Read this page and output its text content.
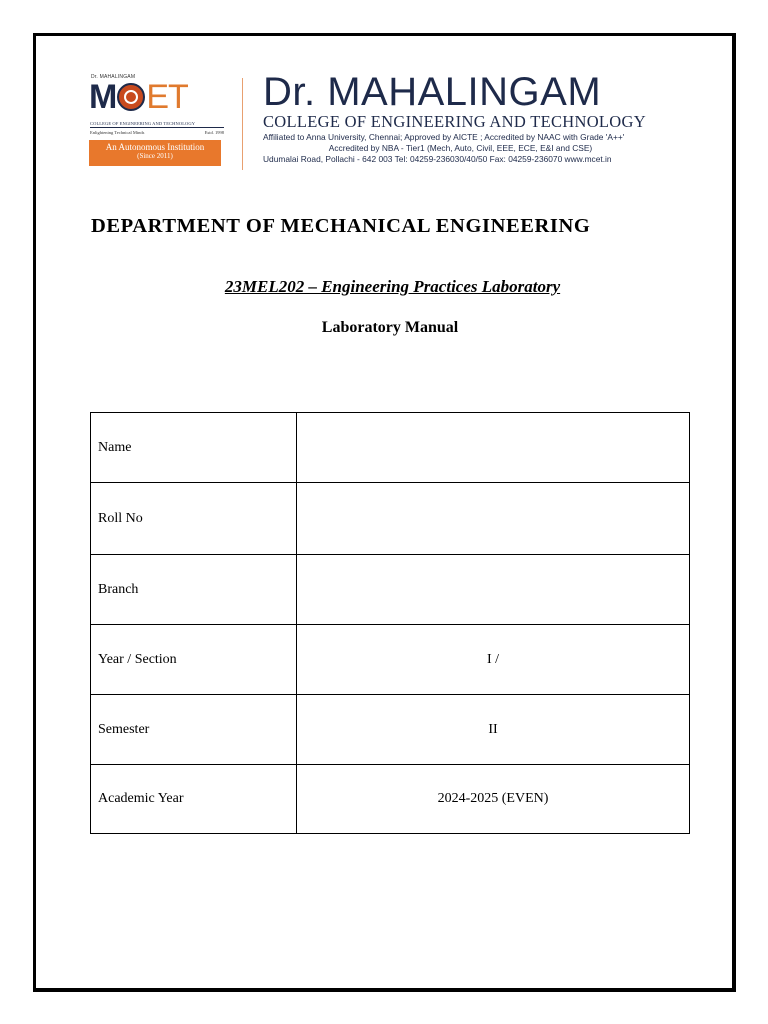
Dr. MAHALINGAM
M ET
COLLEGE OF ENGINEERING AND TECHNOLOGY
Enlightening Technical Minds	Estd. 1998
An Autonomous Institution
(Since 2011)
Dr. MAHALINGAM
COLLEGE OF ENGINEERING AND TECHNOLOGY
Affiliated to Anna University, Chennai; Approved by AICTE ; Accredited by NAAC with Grade 'A++'
Accredited by NBA - Tier1 (Mech, Auto, Civil, EEE, ECE, E&I and CSE)
Udumalai Road, Pollachi - 642 003 Tel: 04259-236030/40/50 Fax: 04259-236070 www.mcet.in
DEPARTMENT OF MECHANICAL ENGINEERING
23MEL202 – Engineering Practices Laboratory
Laboratory Manual
Name	
Roll No	
Branch	
Year / Section	I /
Semester	II
Academic Year	2024-2025 (EVEN)
